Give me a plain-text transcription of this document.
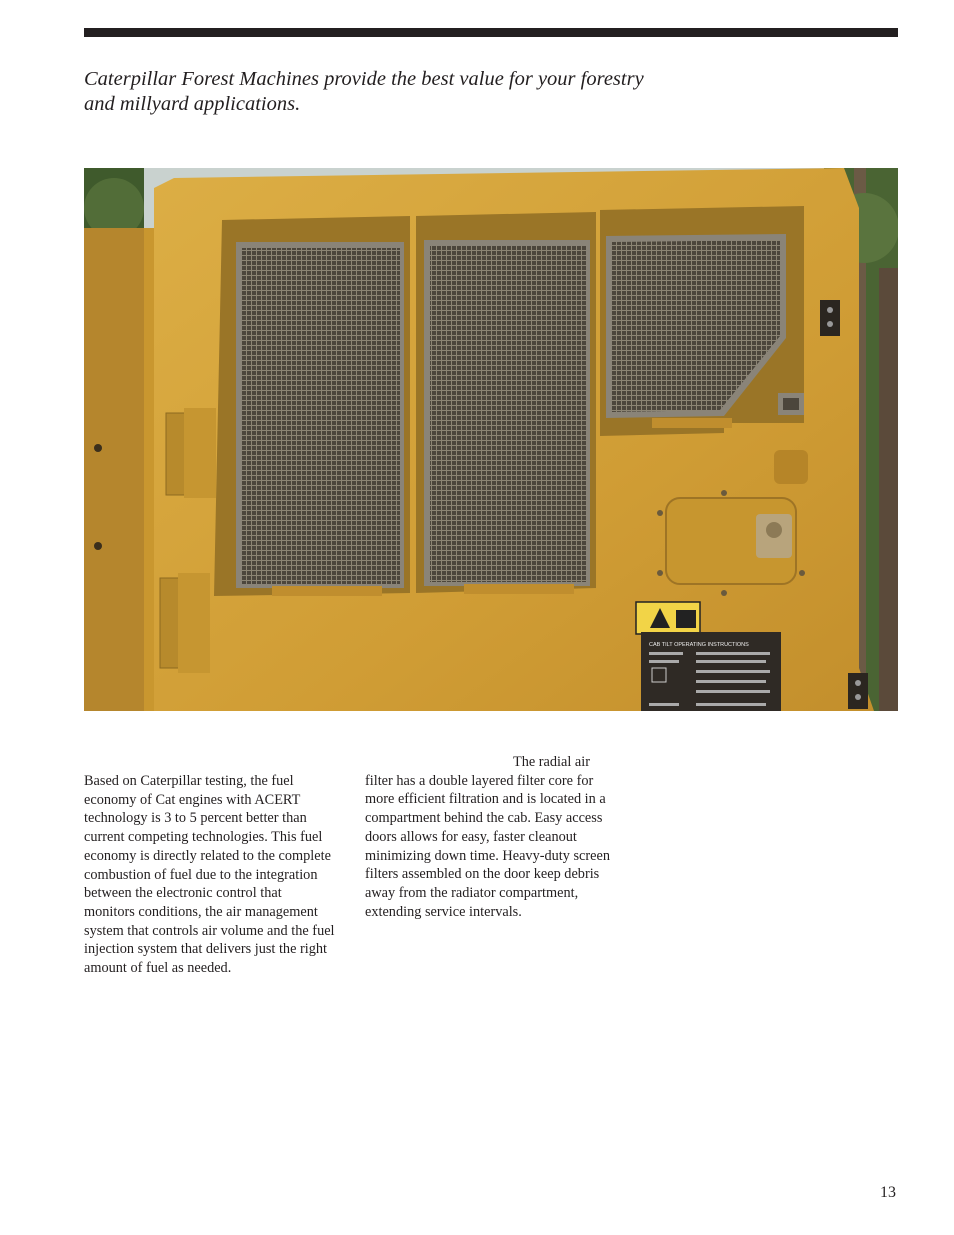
Caterpillar Forest Machines provide the best value for your forestry
and millyard applications.
CAB TILT OPERATING INSTRUCTIONS

Based on Caterpillar testing, the fuel economy of Cat engines with ACERT technology is 3 to 5 percent better than current competing technologies. This fuel economy is directly related to the complete combustion of fuel due to the integration between the electronic control that monitors conditions, the air management system that controls air volume and the fuel injection system that delivers just the right amount of fuel as needed.

The radial air
filter has a double layered filter core for more efficient filtration and is located in a compartment behind the cab. Easy access doors allows for easy, faster cleanout minimizing down time. Heavy-duty screen filters assembled on the door keep debris away from the radiator compartment, extending service intervals.

13
